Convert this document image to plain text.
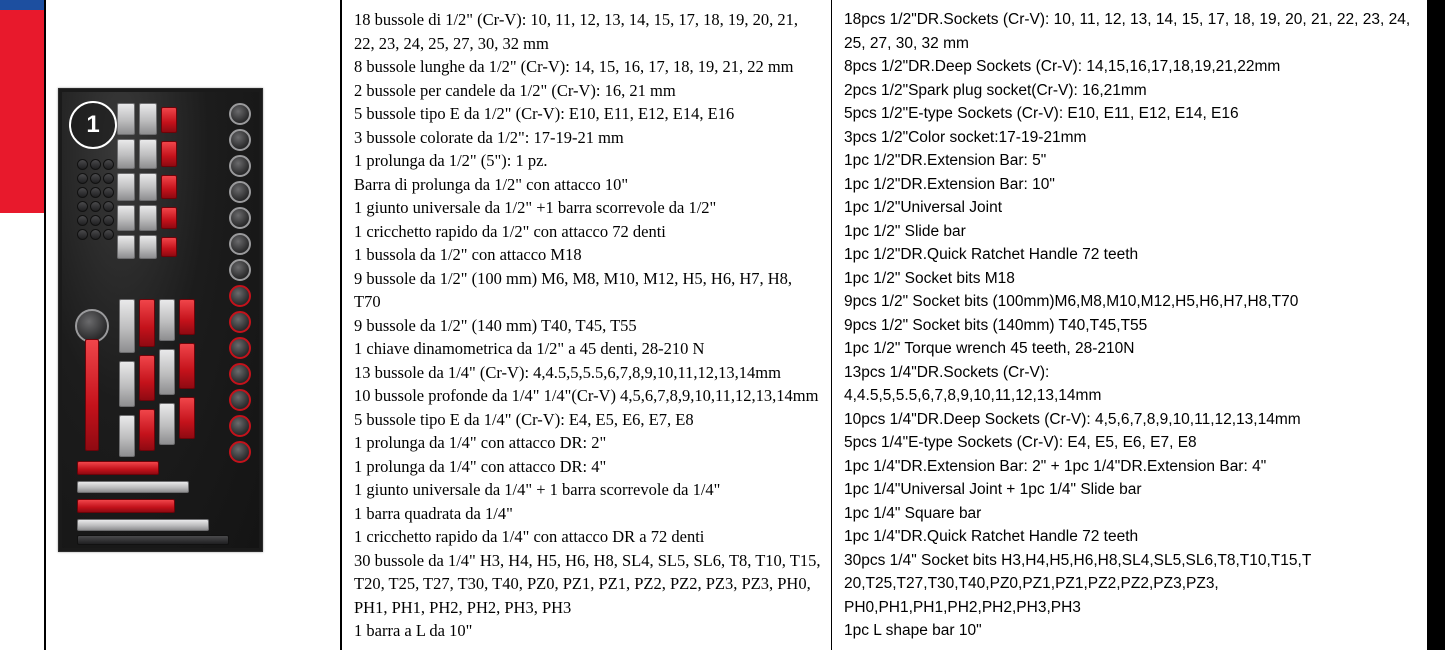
1

18 bussole di 1/2" (Cr-V): 10, 11, 12, 13, 14, 15, 17, 18, 19, 20, 21, 22, 23, 24, 25, 27, 30, 32 mm

8 bussole lunghe da 1/2" (Cr-V): 14, 15, 16, 17, 18, 19, 21, 22 mm

2 bussole per candele da 1/2" (Cr-V): 16, 21 mm

5 bussole tipo E da 1/2" (Cr-V): E10, E11, E12, E14, E16

3 bussole colorate da 1/2": 17-19-21 mm

1 prolunga da 1/2" (5"): 1 pz.

Barra di prolunga da 1/2" con attacco 10"

1 giunto universale da 1/2" +1 barra scorrevole da 1/2"

1 cricchetto rapido da 1/2" con attacco 72 denti

1 bussola da 1/2" con attacco M18

9 bussole da 1/2" (100 mm) M6, M8, M10, M12, H5, H6, H7, H8, T70

9 bussole da 1/2" (140 mm) T40, T45, T55

1 chiave dinamometrica da 1/2" a 45 denti, 28-210 N

13 bussole da 1/4" (Cr-V): 4,4.5,5,5.5,6,7,8,9,10,11,12,13,14mm

10 bussole profonde da 1/4" 1/4"(Cr-V) 4,5,6,7,8,9,10,11,12,13,14mm

5 bussole tipo E da 1/4" (Cr-V): E4, E5, E6, E7, E8

1 prolunga da 1/4" con attacco DR: 2"

1 prolunga da 1/4" con attacco DR: 4"

1 giunto universale da 1/4" + 1 barra scorrevole da 1/4"

1 barra quadrata da 1/4"

1 cricchetto rapido da 1/4" con attacco DR a 72 denti

30 bussole da 1/4" H3, H4, H5, H6, H8, SL4, SL5, SL6, T8, T10, T15, T20, T25, T27, T30, T40, PZ0, PZ1, PZ1, PZ2, PZ2, PZ3, PZ3, PH0, PH1, PH1, PH2, PH2, PH3, PH3

1 barra a L da 10"

18pcs 1/2"DR.Sockets (Cr-V): 10, 11, 12, 13, 14, 15, 17, 18, 19, 20, 21, 22, 23, 24, 25, 27, 30, 32 mm

8pcs 1/2"DR.Deep Sockets (Cr-V): 14,15,16,17,18,19,21,22mm

2pcs 1/2"Spark plug socket(Cr-V): 16,21mm

5pcs 1/2"E-type Sockets (Cr-V): E10, E11, E12, E14, E16

3pcs 1/2"Color socket:17-19-21mm

1pc 1/2"DR.Extension Bar: 5"

1pc 1/2"DR.Extension Bar: 10"

1pc 1/2"Universal Joint

1pc 1/2" Slide bar

1pc 1/2"DR.Quick Ratchet Handle 72 teeth

1pc 1/2" Socket bits M18

9pcs 1/2" Socket bits (100mm)M6,M8,M10,M12,H5,H6,H7,H8,T70

9pcs 1/2" Socket bits (140mm) T40,T45,T55

1pc 1/2" Torque wrench 45 teeth, 28-210N

13pcs 1/4"DR.Sockets (Cr-V):

4,4.5,5,5.5,6,7,8,9,10,11,12,13,14mm

10pcs 1/4"DR.Deep Sockets (Cr-V): 4,5,6,7,8,9,10,11,12,13,14mm

5pcs 1/4"E-type Sockets (Cr-V): E4, E5, E6, E7, E8

1pc 1/4"DR.Extension Bar: 2" + 1pc 1/4"DR.Extension Bar: 4"

1pc 1/4"Universal Joint + 1pc 1/4" Slide bar

1pc 1/4" Square bar

1pc 1/4"DR.Quick Ratchet Handle 72 teeth

30pcs 1/4" Socket bits H3,H4,H5,H6,H8,SL4,SL5,SL6,T8,T10,T15,T 20,T25,T27,T30,T40,PZ0,PZ1,PZ1,PZ2,PZ2,PZ3,PZ3,

PH0,PH1,PH1,PH2,PH2,PH3,PH3

1pc L shape bar 10"
